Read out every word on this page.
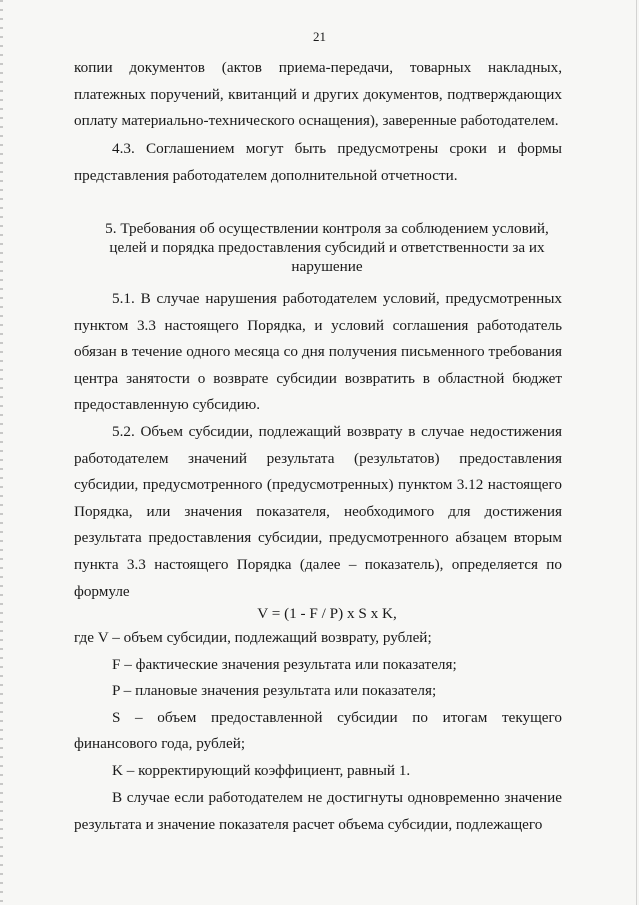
21

копии документов (актов приема-передачи, товарных накладных, платежных поручений, квитанций и других документов, подтверждающих оплату материально-технического оснащения), заверенные работодателем.

4.3. Соглашением могут быть предусмотрены сроки и формы представления работодателем дополнительной отчетности.

5. Требования об осуществлении контроля за соблюдением условий, целей и порядка предоставления субсидий и ответственности за их нарушение

5.1. В случае нарушения работодателем условий, предусмотренных пунктом 3.3 настоящего Порядка, и условий соглашения работодатель обязан в течение одного месяца со дня получения письменного требования центра занятости о возврате субсидии возвратить в областной бюджет предоставленную субсидию.

5.2. Объем субсидии, подлежащий возврату в случае недостижения работодателем значений результата (результатов) предоставления субсидии, предусмотренного (предусмотренных) пунктом 3.12 настоящего Порядка, или значения показателя, необходимого для достижения результата предоставления субсидии, предусмотренного абзацем вторым пункта 3.3 настоящего Порядка (далее – показатель), определяется по формуле

V = (1 - F / P) x S x K,

где V – объем субсидии, подлежащий возврату, рублей;

F – фактические значения результата или показателя;

P – плановые значения результата или показателя;

S – объем предоставленной субсидии по итогам текущего финансового года, рублей;

K – корректирующий коэффициент, равный 1.

В случае если работодателем не достигнуты одновременно значение результата и значение показателя расчет объема субсидии, подлежащего
